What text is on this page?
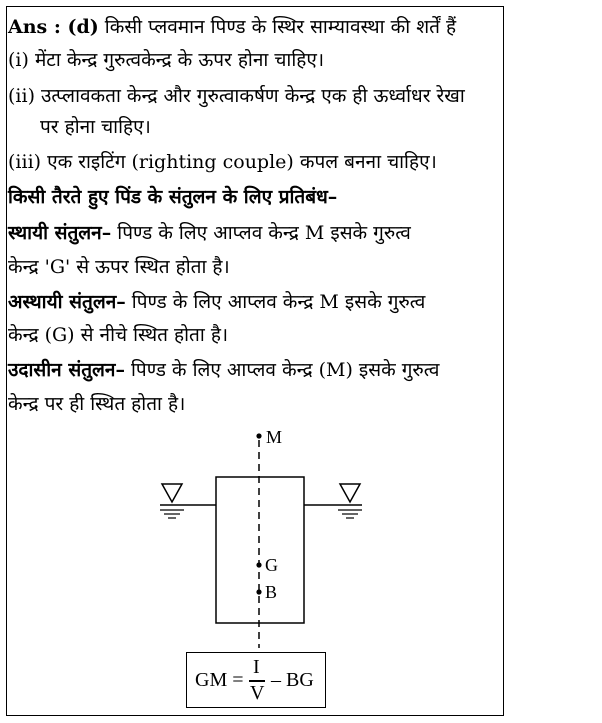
Ans : (d) किसी प्लवमान पिण्ड के स्थिर साम्यावस्था की शर्तें हैं
(i) मेंटा केन्द्र गुरुत्वकेन्द्र के ऊपर होना चाहिए।
(ii) उत्प्लावकता केन्द्र और गुरुत्वाकर्षण केन्द्र एक ही ऊर्ध्वाधर रेखा
पर होना चाहिए।
(iii) एक राइटिंग (righting couple) कपल बनना चाहिए।
किसी तैरते हुए पिंड के संतुलन के लिए प्रतिबंध–
स्थायी संतुलन– पिण्ड के लिए आप्लव केन्द्र M इसके गुरुत्व
केन्द्र 'G' से ऊपर स्थित होता है।
अस्थायी संतुलन– पिण्ड के लिए आप्लव केन्द्र M इसके गुरुत्व
केन्द्र (G) से नीचे स्थित होता है।
उदासीन संतुलन– पिण्ड के लिए आप्लव केन्द्र (M) इसके गुरुत्व
केन्द्र पर ही स्थित होता है।
M
G
B
GM =
I
V
– BG
